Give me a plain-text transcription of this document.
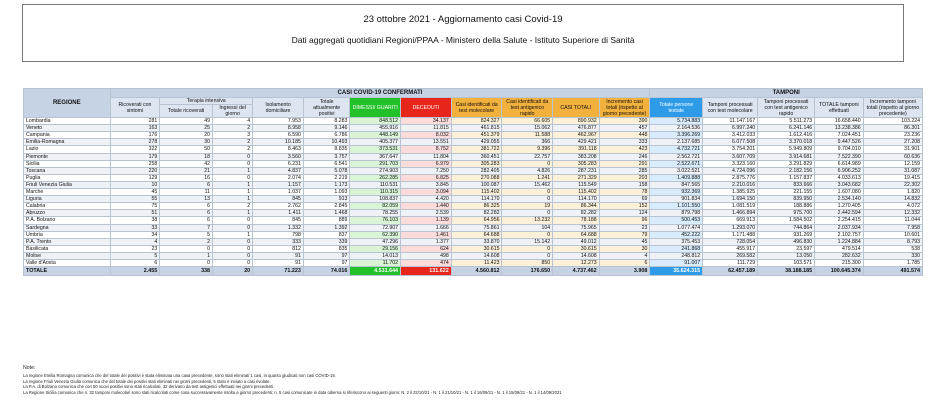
23 ottobre 2021 - Aggiornamento casi Covid-19
Dati aggregati quotidiani Regioni/PPAA - Ministero della Salute - Istituto Superiore di Sanità
REGIONE	CASI COVID-19 CONFERMATI											TAMPONI				
	Ricoverati con sintomi	Terapia intensiva		Isolamento domiciliare	Totale attualmente positivi	DIMESSI/ GUARITI	DECEDUTI	Casi identificati da test molecolare	Casi identificati da test antigenico rapido	CASI TOTALI	Incremento casi totali (rispetto al giorno precedente)	Totale persone testate	Tamponi processati con test molecolare	Tamponi processati con test antigenico rapido	TOTALE tamponi effettuati	Incremento tamponi totali (rispetto al giorno precedente)
		Totale ricoverati	Ingressi del giorno													
Lombardia	281	49	4	7.953	8.283	848.512	34.137	824.327	66.605	890.932	390	5.734.883	11.147.167	5.511.273	16.658.440	103.224
Veneto	163	25	2	8.958	9.146	455.916	11.815	461.815	15.062	476.877	457	2.164.536	6.997.240	6.241.146	13.238.386	86.301
Campania	176	20	3	6.590	6.786	448.149	8.032	451.379	11.588	462.967	448	3.396.269	3.412.033	1.612.416	7.024.451	23.236
Emilia-Romagna	278	30	2	10.185	10.493	405.377	13.551	429.055	366	429.421	333	2.137.685	6.077.508	3.370.018	9.447.526	27.208
Lazio	322	50	2	8.463	8.835	373.531	8.752	381.722	9.396	391.118	423	4.732.721	3.754.201	5.949.809	9.704.010	31.901
Piemonte	179	18	0	3.560	3.757	367.647	11.804	360.451	22.757	383.208	246	2.562.721	3.607.709	3.914.681	7.522.390	60.636
Sicilia	258	42	0	6.231	6.541	291.703	6.979	305.283	0	305.283	291	2.522.671	3.323.160	3.291.829	6.614.989	12.159
Toscana	220	21	1	4.837	5.078	274.903	7.250	282.405	4.826	287.231	285	3.022.521	4.724.096	2.182.156	6.906.252	31.087
Puglia	129	16	0	2.074	2.219	262.285	6.825	270.088	1.241	271.329	203	1.409.888	2.875.776	1.157.837	4.033.613	19.415
Friuli Venezia Giulia	10	6	1	1.157	1.173	110.531	3.845	100.087	15.462	115.549	158	847.565	2.210.016	833.666	3.043.682	22.302
Marche	45	11	1	1.037	1.093	110.315	3.094	115.402	0	115.402	78	932.369	1.385.925	221.155	1.607.080	1.820
Liguria	55	13	1	845	913	108.837	4.420	114.170	0	114.170	69	901.834	1.694.150	839.950	2.534.140	14.832
Calabria	75	6	2	2.762	2.845	82.059	1.440	86.325	19	86.344	152	1.101.550	1.081.519	188.886	1.270.405	4.072
Abruzzo	51	6	1	1.411	1.468	78.255	2.539	82.282	0	82.282	124	879.798	1.466.894	975.700	2.442.594	12.332
P.A. Bolzano	38	6	0	845	889	76.103	1.139	64.956	13.232	78.188	96	500.453	669.913	1.584.502	2.254.415	11.044
Sardegna	33	7	0	1.332	1.392	72.907	1.666	75.861	104	75.965	23	1.077.474	1.293.070	744.864	2.037.934	7.958
Umbria	34	5	1	798	837	62.390	1.461	64.688	0	64.688	79	452.222	1.171.488	931.269	2.102.757	10.601
P.A. Trento	4	2	0	333	339	47.296	1.377	33.870	15.142	49.012	45	375.453	728.054	496.830	1.224.884	8.793
Basilicata	23	0	0	812	835	29.156	624	30.615	0	30.615	30	241.868	455.917	23.597	479.514	538
Molise	5	1	0	91	97	14.013	498	14.608	0	14.608	4	248.812	269.582	13.050	282.632	330
Valle d'Aosta	6	0	0	91	97	11.702	474	11.423	850	12.273	6	91.007	111.729	103.571	215.300	1.785
TOTALE	2.455	338	20	71.223	74.016	4.531.644	131.622	4.560.812	176.650	4.737.462	3.908	35.624.315	62.457.189	38.188.185	100.645.374	491.574
Note:
La regione Emilia Romagna comunica che del totale dei positivi è stata eliminata una casa precedente, sono stati eliminati 1 casi, in quanto giudicati non casi COVID-19.
La regione Friuli Venezia Giulia comunica che del totale dei positivi stati eliminati nei giorni precedenti, 5 stato è inviato a casi rivolate.
La P.A. di Bolzano comunica che con 50 nuovi positivi sono stati ricalcolati, 32 derivano da test antigenici effettuati nei giorni precedenti.
La Regione Sicilia comunica che n. 32 tamponi molecolari sono stati ricalcolati come cosa successivamente risolta a giorno precedenti; n. 5 casi comunicate in data odierna si riferiscono ai seguenti giorni: N. 2 il 22/10/21 - N. 1 il 21/10/21 - N. 1 il 16/09/21 - N. 1 il 15/09/21 - N. 1 il 14/09/2021
